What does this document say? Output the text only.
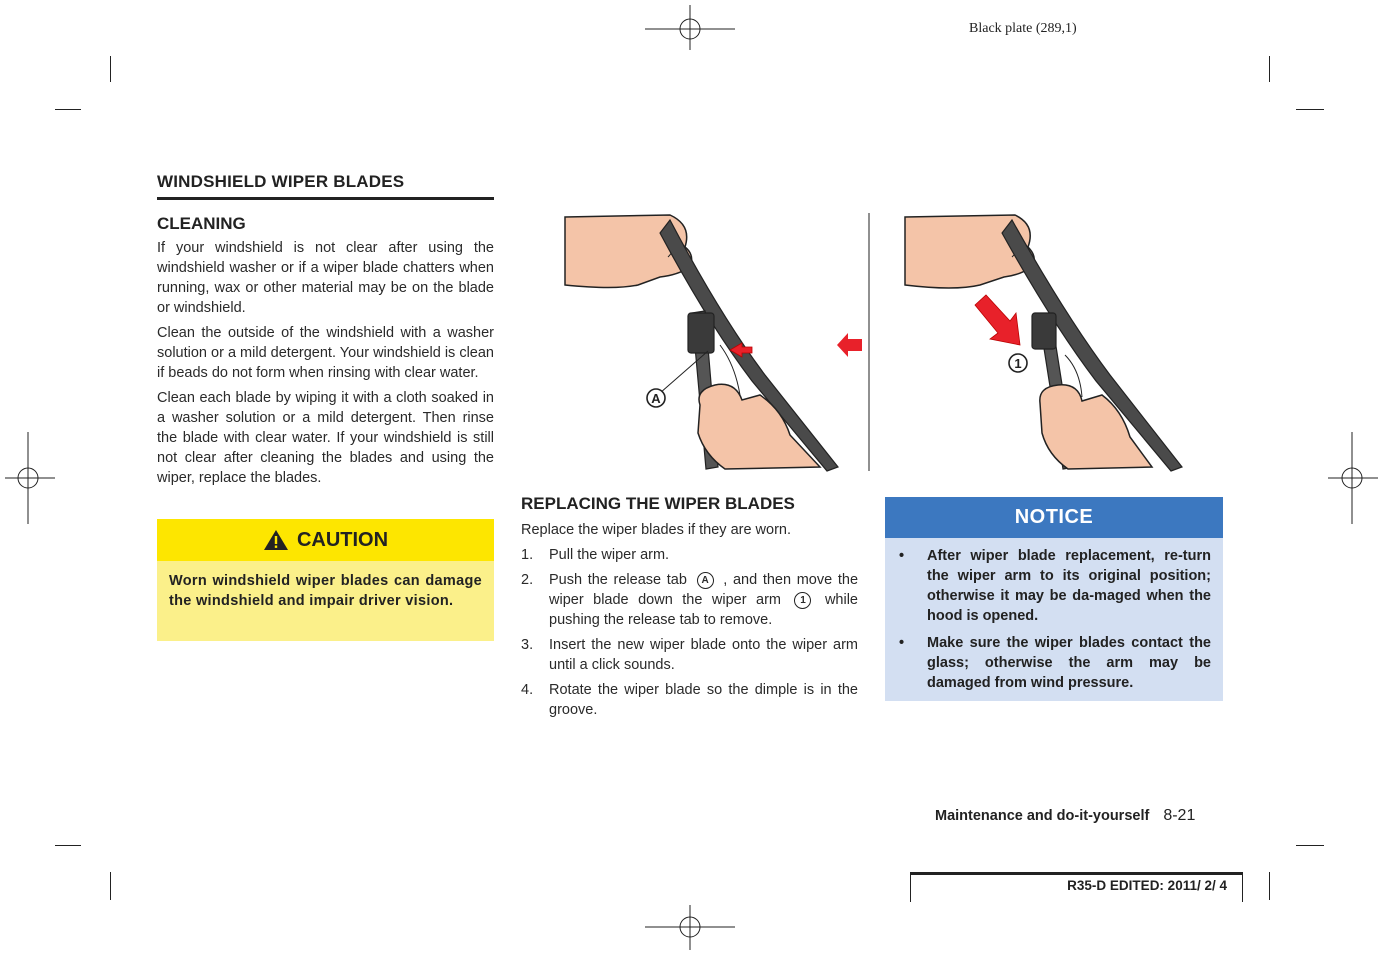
Black plate (289,1)
WINDSHIELD WIPER BLADES
CLEANING
If your windshield is not clear after using the windshield washer or if a wiper blade chatters when running, wax or other material may be on the blade or windshield.
Clean the outside of the windshield with a washer solution or a mild detergent. Your windshield is clean if beads do not form when rinsing with clear water.
Clean each blade by wiping it with a cloth soaked in a washer solution or a mild detergent. Then rinse the blade with clear water. If your windshield is still not clear after cleaning the blades and using the wiper, replace the blades.
CAUTION
Worn windshield wiper blades can damage the windshield and impair driver vision.
A
1
REPLACING THE WIPER BLADES
Replace the wiper blades if they are worn.
1.	Pull the wiper arm.
2.	Push the release tab A , and then move the wiper blade down the wiper arm 1 while pushing the release tab to remove.
3.	Insert the new wiper blade onto the wiper arm until a click sounds.
4.	Rotate the wiper blade so the dimple is in the groove.
NOTICE
•	After wiper blade replacement, re-turn the wiper arm to its original position; otherwise it may be da-maged when the hood is opened.
•	Make sure the wiper blades contact the glass; otherwise the arm may be damaged from wind pressure.
Maintenance and do-it-yourself 8-21
R35-D EDITED: 2011/ 2/ 4
